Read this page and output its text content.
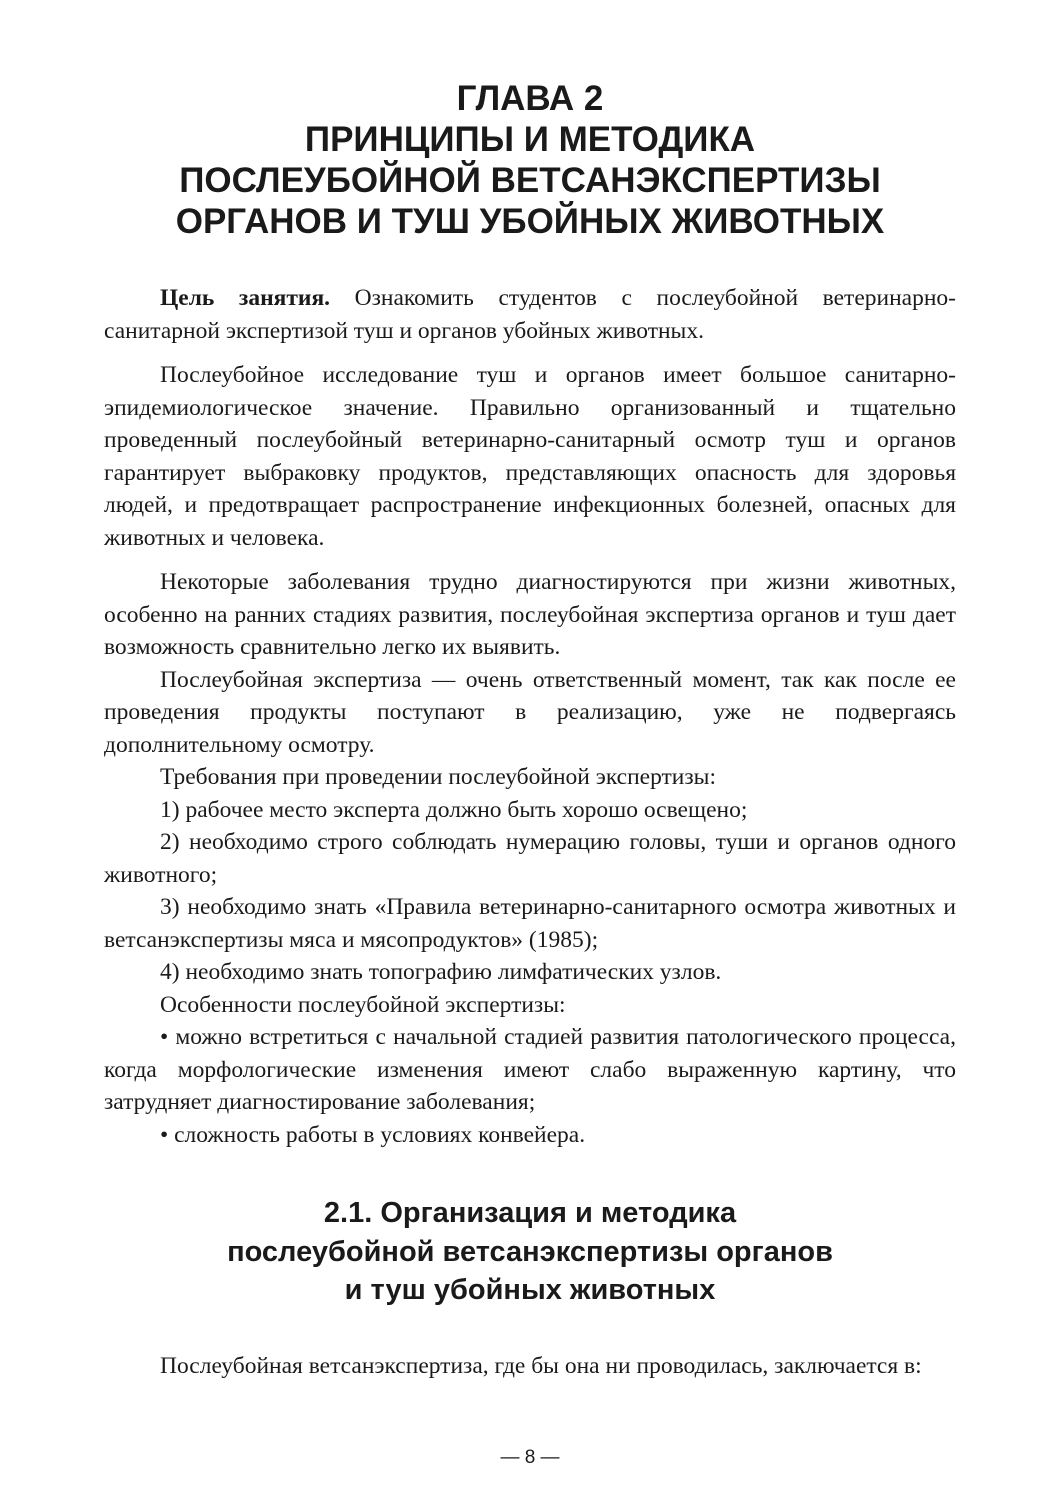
ГЛАВА 2
ПРИНЦИПЫ И МЕТОДИКА
ПОСЛЕУБОЙНОЙ ВЕТСАНЭКСПЕРТИЗЫ
ОРГАНОВ И ТУШ УБОЙНЫХ ЖИВОТНЫХ

Цель занятия. Ознакомить студентов с послеубойной ветеринарно-санитарной экспертизой туш и органов убойных животных.

Послеубойное исследование туш и органов имеет большое санитарно-эпидемиологическое значение. Правильно организованный и тщательно проведенный послеубойный ветеринарно-санитарный осмотр туш и органов гарантирует выбраковку продуктов, представляющих опасность для здоровья людей, и предотвращает распространение инфекционных болезней, опасных для животных и человека.

Некоторые заболевания трудно диагностируются при жизни животных, особенно на ранних стадиях развития, послеубойная экспертиза органов и туш дает возможность сравнительно легко их выявить.

Послеубойная экспертиза — очень ответственный момент, так как после ее проведения продукты поступают в реализацию, уже не подвергаясь дополнительному осмотру.

Требования при проведении послеубойной экспертизы:

1) рабочее место эксперта должно быть хорошо освещено;

2) необходимо строго соблюдать нумерацию головы, туши и органов одного животного;

3) необходимо знать «Правила ветеринарно-санитарного осмотра животных и ветсанэкспертизы мяса и мясопродуктов» (1985);

4) необходимо знать топографию лимфатических узлов.

Особенности послеубойной экспертизы:

• можно встретиться с начальной стадией развития патологического процесса, когда морфологические изменения имеют слабо выраженную картину, что затрудняет диагностирование заболевания;

• сложность работы в условиях конвейера.

2.1. Организация и методика
послеубойной ветсанэкспертизы органов
и туш убойных животных

Послеубойная ветсанэкспертиза, где бы она ни проводилась, заключается в:

— 8 —
